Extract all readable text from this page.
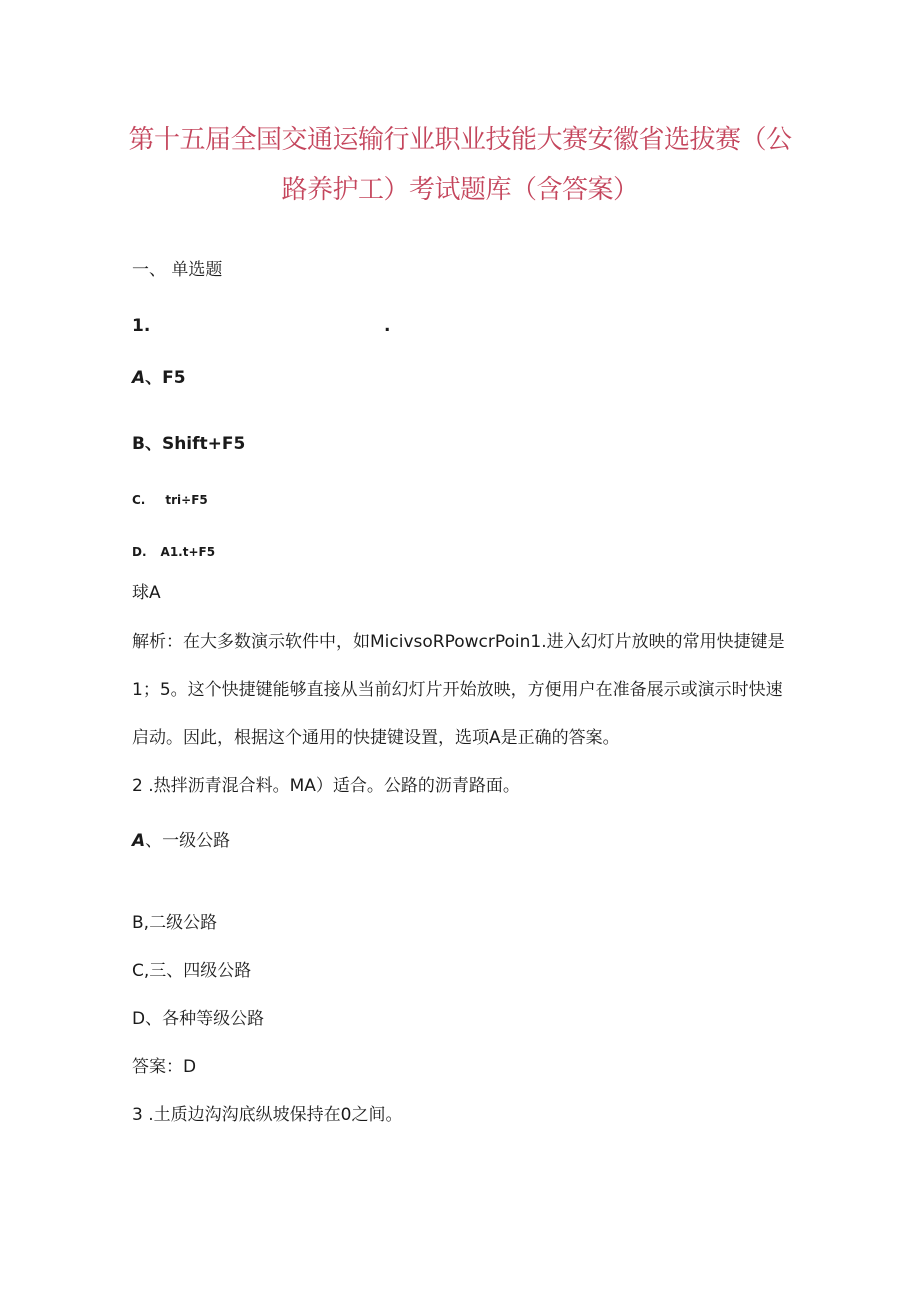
第十五届全国交通运输行业职业技能大赛安徽省选拔赛（公
路养护工）考试题库（含答案）
一、 单选题
1.	.
A、F5
B、Shift+F5
C. tri÷F5
D. A1.t+F5
球A
解析：在大多数演示软件中，如MicivsoRPowcrPoin1.进入幻灯片放映的常用快捷键是
1；5。这个快捷键能够直接从当前幻灯片开始放映，方便用户在准备展示或演示时快速
启动。因此，根据这个通用的快捷键设置，选项A是正确的答案。
2 .热拌沥青混合料。MA）适合。公路的沥青路面。
A、一级公路
B,二级公路
C,三、四级公路
D、各种等级公路
答案：D
3 .土质边沟沟底纵坡保持在0之间。
